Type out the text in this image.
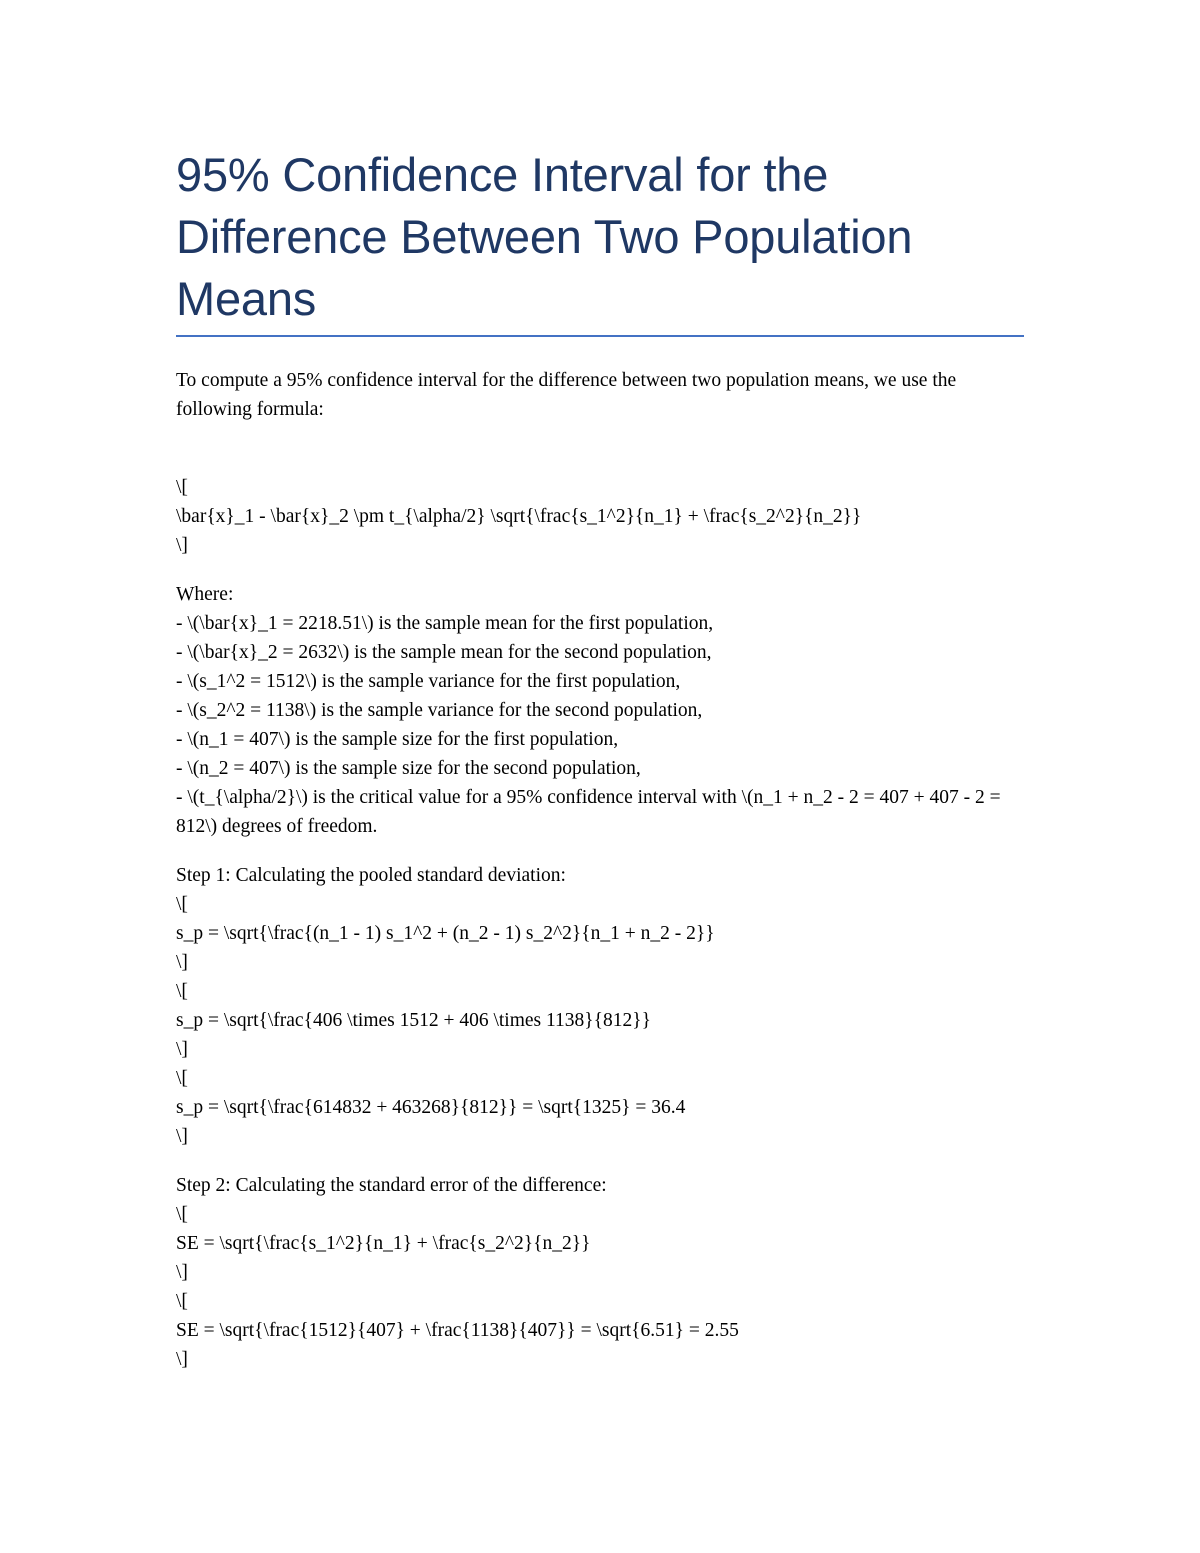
95% Confidence Interval for the Difference Between Two Population Means

To compute a 95% confidence interval for the difference between two population means, we use the following formula:

\[
\bar{x}_1 - \bar{x}_2 \pm t_{\alpha/2} \sqrt{\frac{s_1^2}{n_1} + \frac{s_2^2}{n_2}}
\]
Where:
- \(\bar{x}_1 = 2218.51\) is the sample mean for the first population,
- \(\bar{x}_2 = 2632\) is the sample mean for the second population,
- \(s_1^2 = 1512\) is the sample variance for the first population,
- \(s_2^2 = 1138\) is the sample variance for the second population,
- \(n_1 = 407\) is the sample size for the first population,
- \(n_2 = 407\) is the sample size for the second population,
- \(t_{\alpha/2}\) is the critical value for a 95% confidence interval with \(n_1 + n_2 - 2 = 407 + 407 - 2 = 812\) degrees of freedom.
Step 1: Calculating the pooled standard deviation:
\[
s_p = \sqrt{\frac{(n_1 - 1) s_1^2 + (n_2 - 1) s_2^2}{n_1 + n_2 - 2}}
\]
\[
s_p = \sqrt{\frac{406 \times 1512 + 406 \times 1138}{812}}
\]
\[
s_p = \sqrt{\frac{614832 + 463268}{812}} = \sqrt{1325} = 36.4
\]
Step 2: Calculating the standard error of the difference:
\[
SE = \sqrt{\frac{s_1^2}{n_1} + \frac{s_2^2}{n_2}}
\]
\[
SE = \sqrt{\frac{1512}{407} + \frac{1138}{407}} = \sqrt{6.51} = 2.55
\]
